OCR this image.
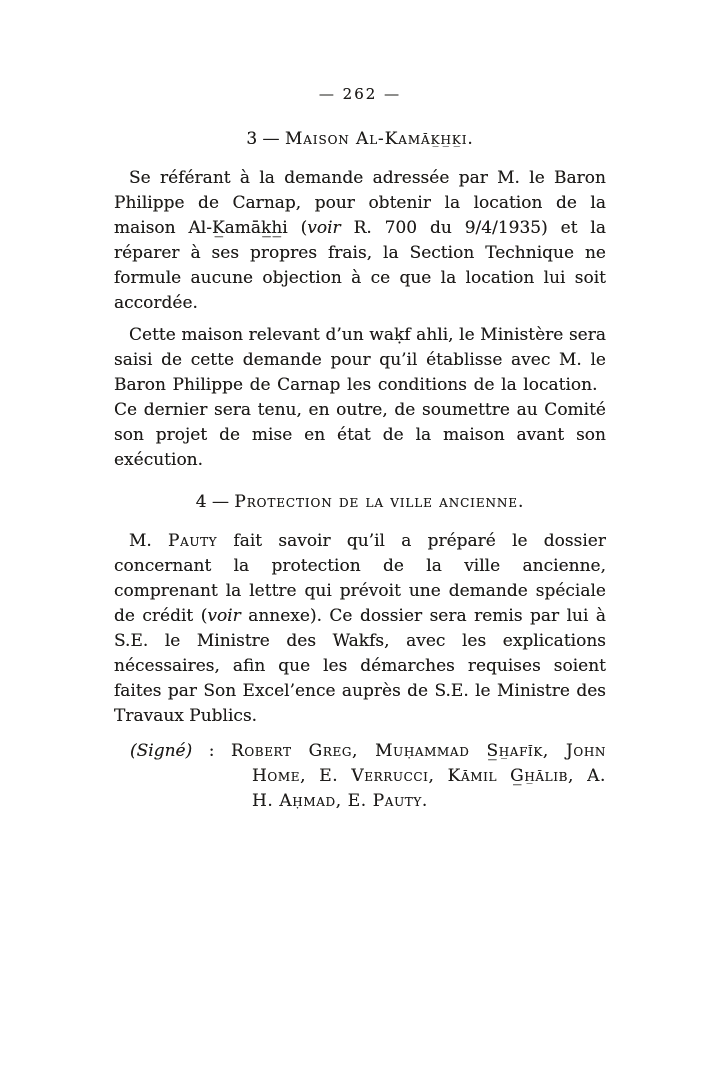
— 262 —
3 — Maison Al-Kamāk̲h̲k̲i.

Se référant à la demande adressée par M. le Baron Philippe de Carnap, pour obtenir la location de la maison Al-K̲amāk̲h̲i (voir R. 700 du 9/4/1935) et la réparer à ses propres frais, la Section Technique ne formule aucune objection à ce que la location lui soit accordée.

Cette maison relevant d’un waḳf ahli, le Ministère sera saisi de cette demande pour qu’il établisse avec M. le Baron Philippe de Carnap les conditions de la location. Ce dernier sera tenu, en outre, de soumettre au Comité son projet de mise en état de la maison avant son exécution.

4 — Protection de la ville ancienne.

M. Pauty fait savoir qu’il a préparé le dossier concernant la protection de la ville ancienne, comprenant la lettre qui prévoit une demande spéciale de crédit (voir annexe). Ce dossier sera remis par lui à S.E. le Ministre des Wakfs, avec les explications nécessaires, afin que les démarches requises soient faites par Son Excel’ence auprès de S.E. le Ministre des Travaux Publics.

(Signé) : Robert Greg, Muḥammad S̲h̲afīk, John
Home, E. Verrucci, Kāmil G̲h̲ālib, A.
H. Aḥmad, E. Pauty.
